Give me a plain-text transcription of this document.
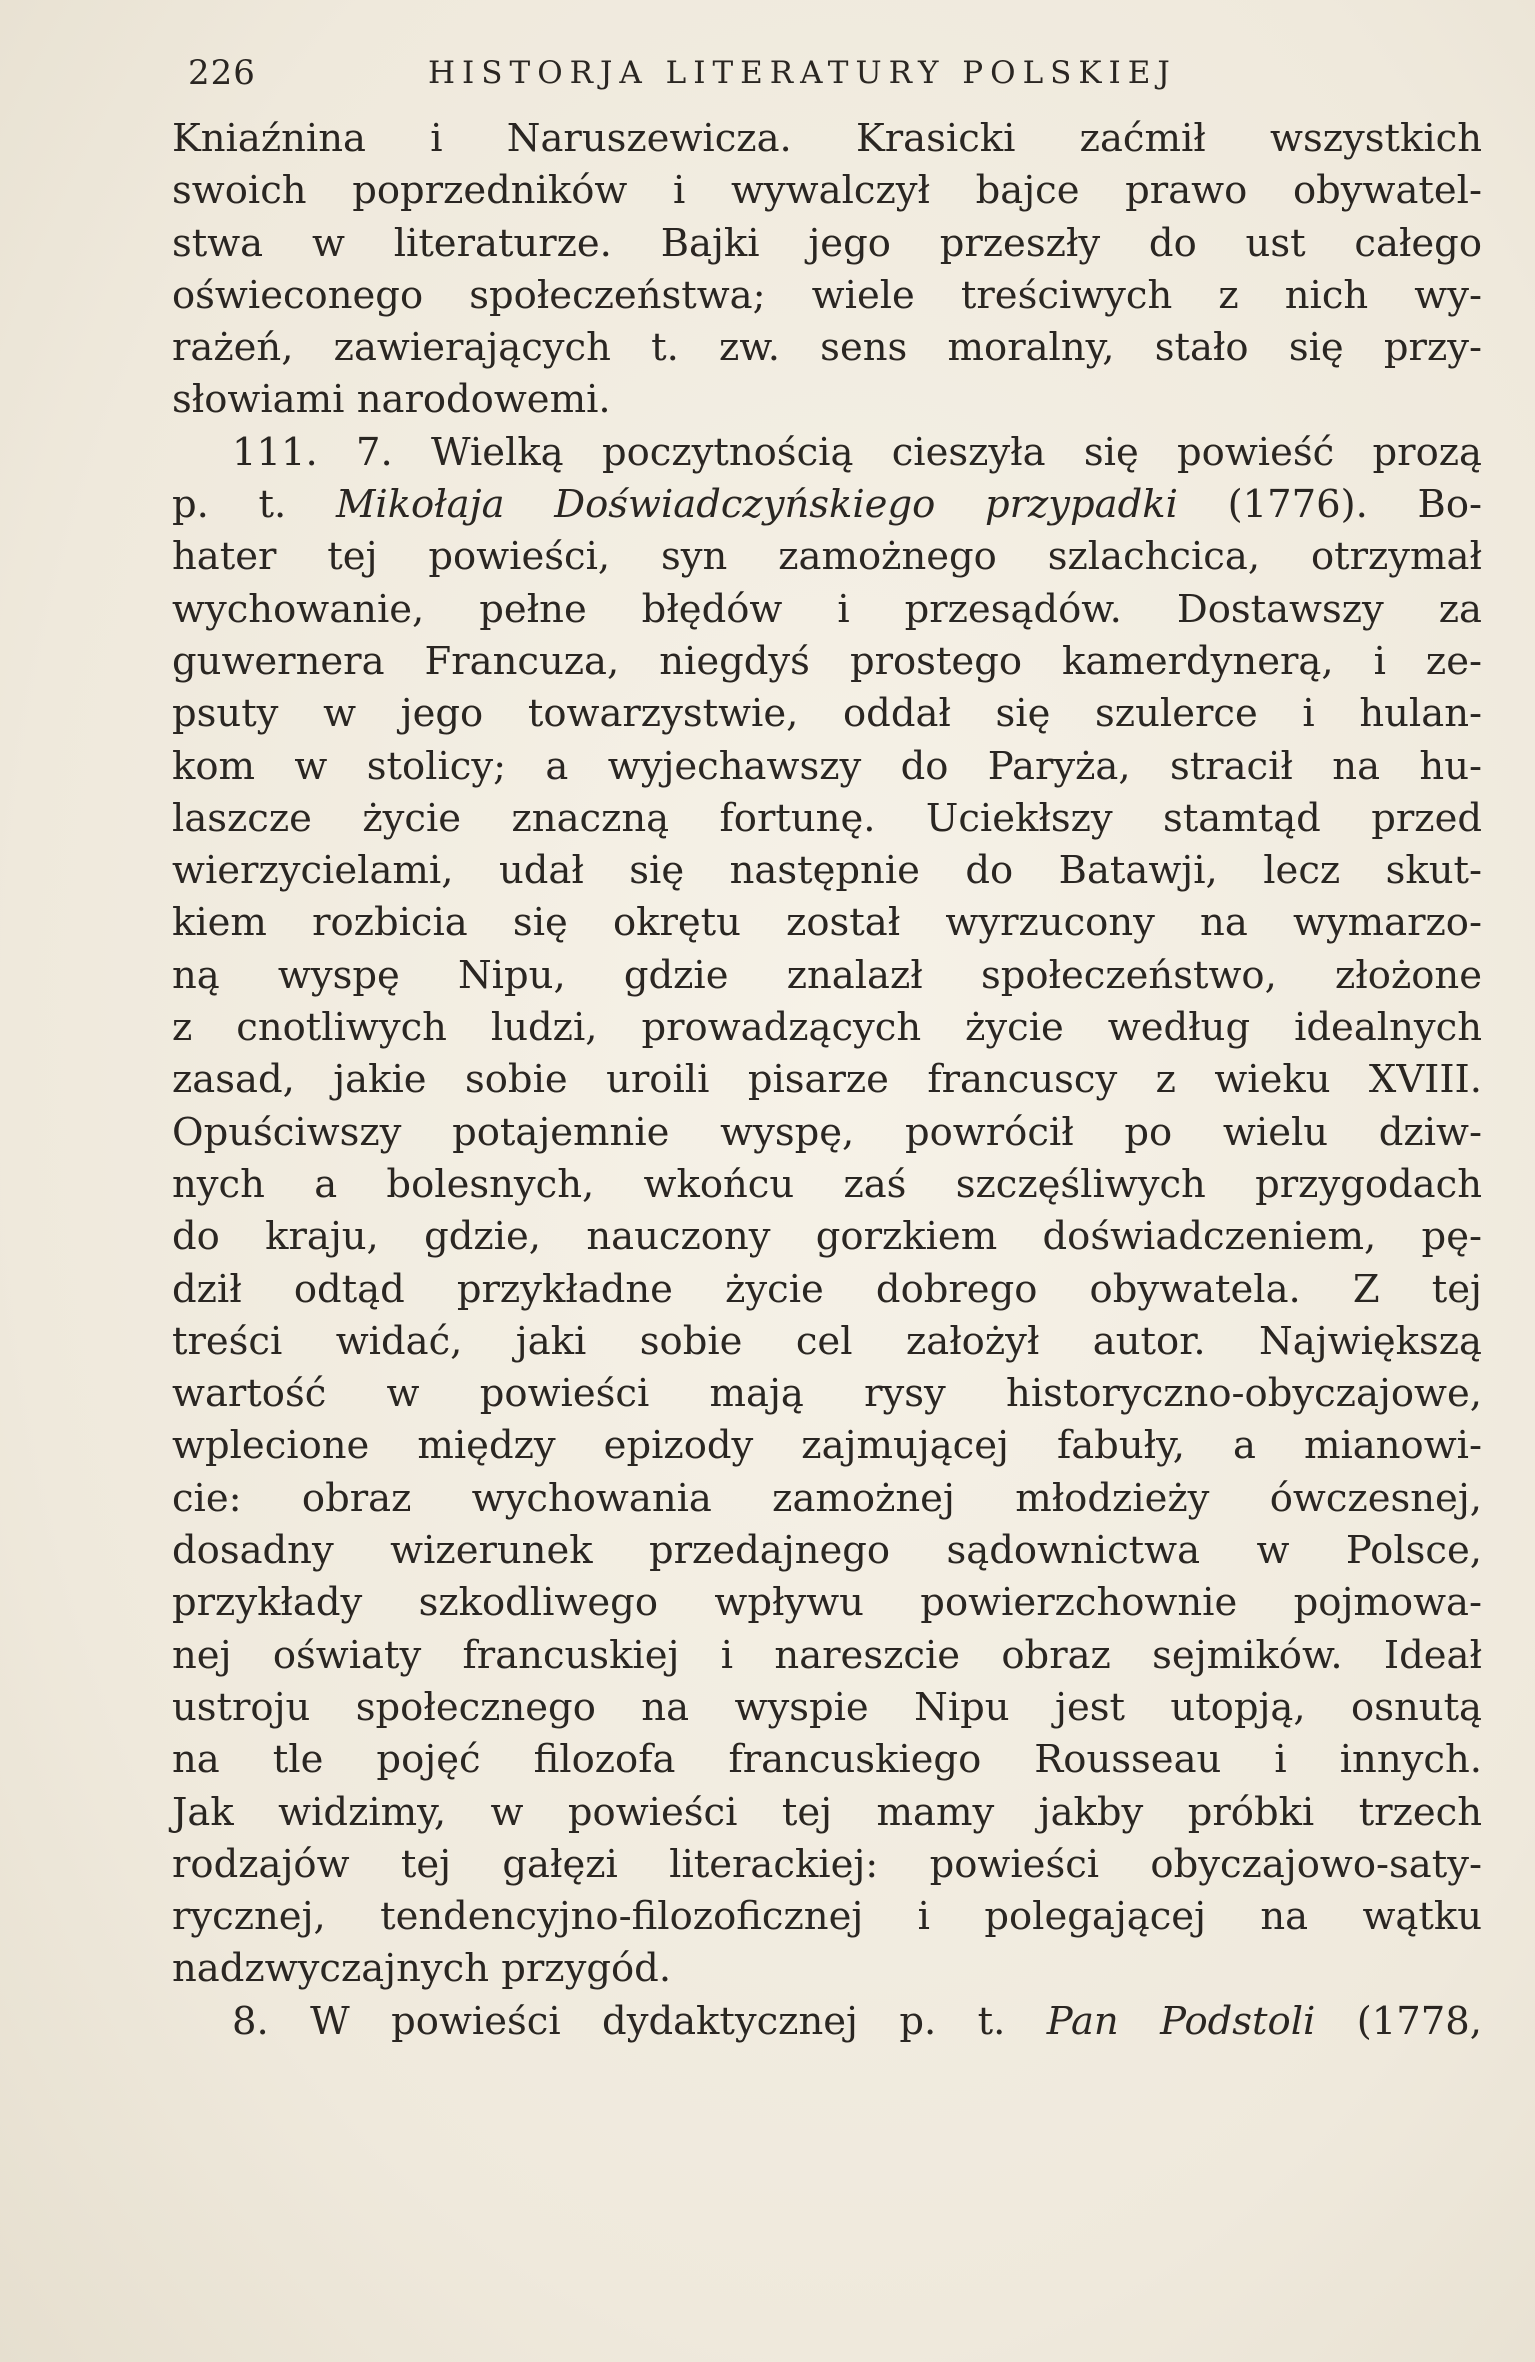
226	HISTORJA LITERATURY POLSKIEJ
Kniaźnina i Naruszewicza. Krasicki zaćmił wszystkich
swoich poprzedników i wywalczył bajce prawo obywatel-
stwa w literaturze. Bajki jego przeszły do ust całego
oświeconego społeczeństwa; wiele treściwych z nich wy-
rażeń, zawierających t. zw. sens moralny, stało się przy-
słowiami narodowemi.
111. 7. Wielką poczytnością cieszyła się powieść prozą
p. t. Mikołaja Doświadczyńskiego przypadki (1776). Bo-
hater tej powieści, syn zamożnego szlachcica, otrzymał
wychowanie, pełne błędów i przesądów. Dostawszy za
guwernera Francuza, niegdyś prostego kamerdynerą, i ze-
psuty w jego towarzystwie, oddał się szulerce i hulan-
kom w stolicy; a wyjechawszy do Paryża, stracił na hu-
laszcze życie znaczną fortunę. Uciekłszy stamtąd przed
wierzycielami, udał się następnie do Batawji, lecz skut-
kiem rozbicia się okrętu został wyrzucony na wymarzo-
ną wyspę Nipu, gdzie znalazł społeczeństwo, złożone
z cnotliwych ludzi, prowadzących życie według idealnych
zasad, jakie sobie uroili pisarze francuscy z wieku XVIII.
Opuściwszy potajemnie wyspę, powrócił po wielu dziw-
nych a bolesnych, wkońcu zaś szczęśliwych przygodach
do kraju, gdzie, nauczony gorzkiem doświadczeniem, pę-
dził odtąd przykładne życie dobrego obywatela. Z tej
treści widać, jaki sobie cel założył autor. Największą
wartość w powieści mają rysy historyczno-obyczajowe,
wplecione między epizody zajmującej fabuły, a mianowi-
cie: obraz wychowania zamożnej młodzieży ówczesnej,
dosadny wizerunek przedajnego sądownictwa w Polsce,
przykłady szkodliwego wpływu powierzchownie pojmowa-
nej oświaty francuskiej i nareszcie obraz sejmików. Ideał
ustroju społecznego na wyspie Nipu jest utopją, osnutą
na tle pojęć filozofa francuskiego Rousseau i innych.
Jak widzimy, w powieści tej mamy jakby próbki trzech
rodzajów tej gałęzi literackiej: powieści obyczajowo-saty-
rycznej, tendencyjno-filozoficznej i polegającej na wątku
nadzwyczajnych przygód.
8. W powieści dydaktycznej p. t. Pan Podstoli (1778,
